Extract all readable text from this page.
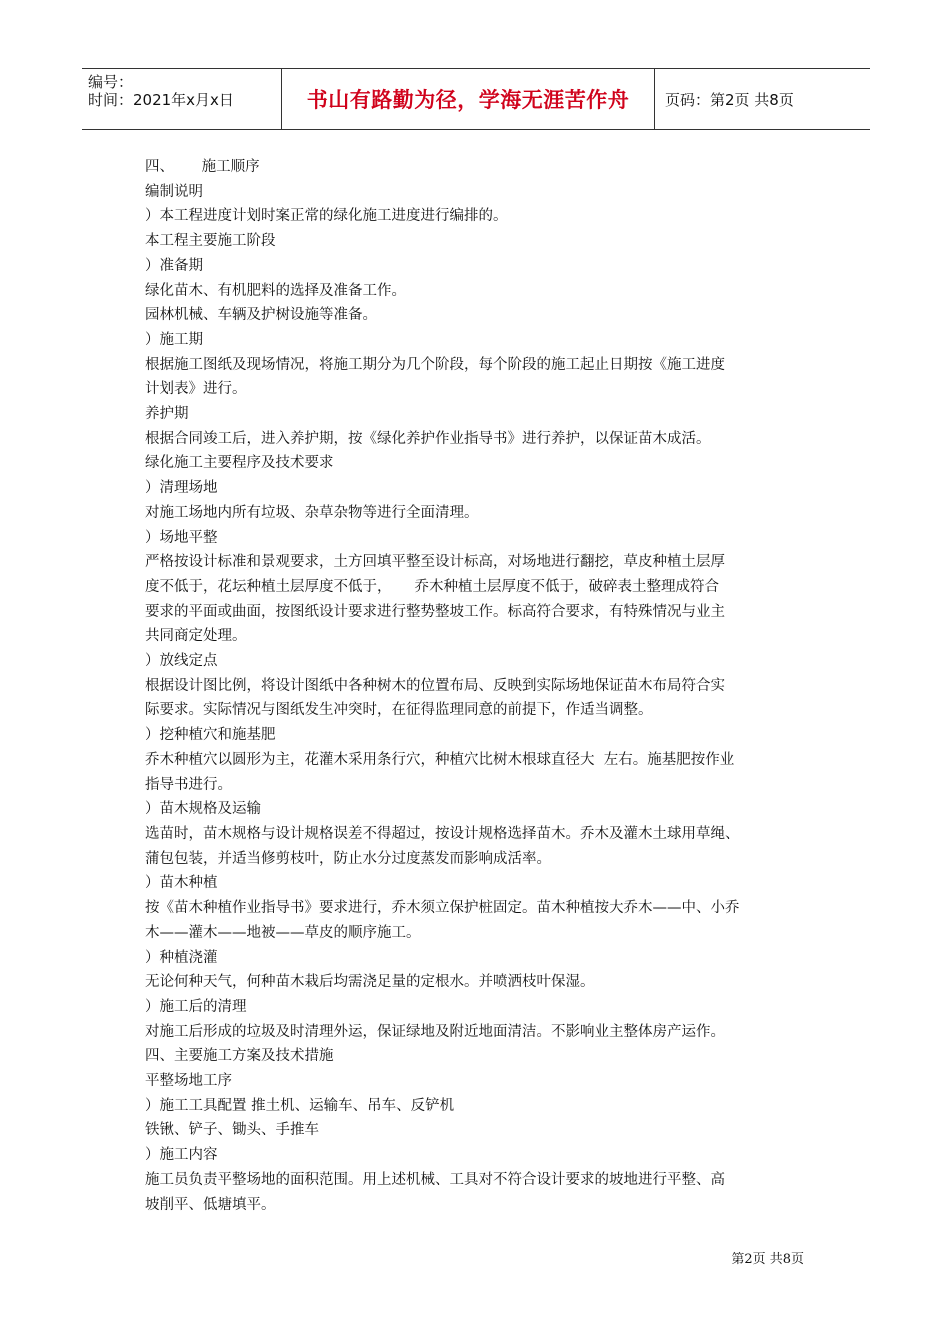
编号：
时间：2021年x月x日	书山有路勤为径，学海无涯苦作舟	页码：第2页 共8页

四、      施工顺序

编制说明

）本工程进度计划时案正常的绿化施工进度进行编排的。

本工程主要施工阶段

）准备期

绿化苗木、有机肥料的选择及准备工作。

园林机械、车辆及护树设施等准备。

）施工期

根据施工图纸及现场情况，将施工期分为几个阶段，每个阶段的施工起止日期按《施工进度

计划表》进行。

养护期

根据合同竣工后，进入养护期，按《绿化养护作业指导书》进行养护，以保证苗木成活。

绿化施工主要程序及技术要求

）清理场地

对施工场地内所有垃圾、杂草杂物等进行全面清理。

）场地平整

严格按设计标准和景观要求，土方回填平整至设计标高，对场地进行翻挖，草皮种植土层厚

度不低于，花坛种植土层厚度不低于，     乔木种植土层厚度不低于，破碎表土整理成符合

要求的平面或曲面，按图纸设计要求进行整势整坡工作。标高符合要求，有特殊情况与业主

共同商定处理。

）放线定点

根据设计图比例，将设计图纸中各种树木的位置布局、反映到实际场地保证苗木布局符合实

际要求。实际情况与图纸发生冲突时，在征得监理同意的前提下，作适当调整。

）挖种植穴和施基肥

乔木种植穴以圆形为主，花灌木采用条行穴，种植穴比树木根球直径大  左右。施基肥按作业

指导书进行。

）苗木规格及运输

选苗时，苗木规格与设计规格误差不得超过，按设计规格选择苗木。乔木及灌木土球用草绳、

蒲包包装，并适当修剪枝叶，防止水分过度蒸发而影响成活率。

）苗木种植

按《苗木种植作业指导书》要求进行，乔木须立保护桩固定。苗木种植按大乔木——中、小乔

木——灌木——地被——草皮的顺序施工。

）种植浇灌

无论何种天气，何种苗木栽后均需浇足量的定根水。并喷洒枝叶保湿。

）施工后的清理

对施工后形成的垃圾及时清理外运，保证绿地及附近地面清洁。不影响业主整体房产运作。

四、主要施工方案及技术措施

平整场地工序

）施工工具配置 推土机、运输车、吊车、反铲机

铁锹、铲子、锄头、手推车

）施工内容

施工员负责平整场地的面积范围。用上述机械、工具对不符合设计要求的坡地进行平整、高

坡削平、低塘填平。

第2页 共8页
